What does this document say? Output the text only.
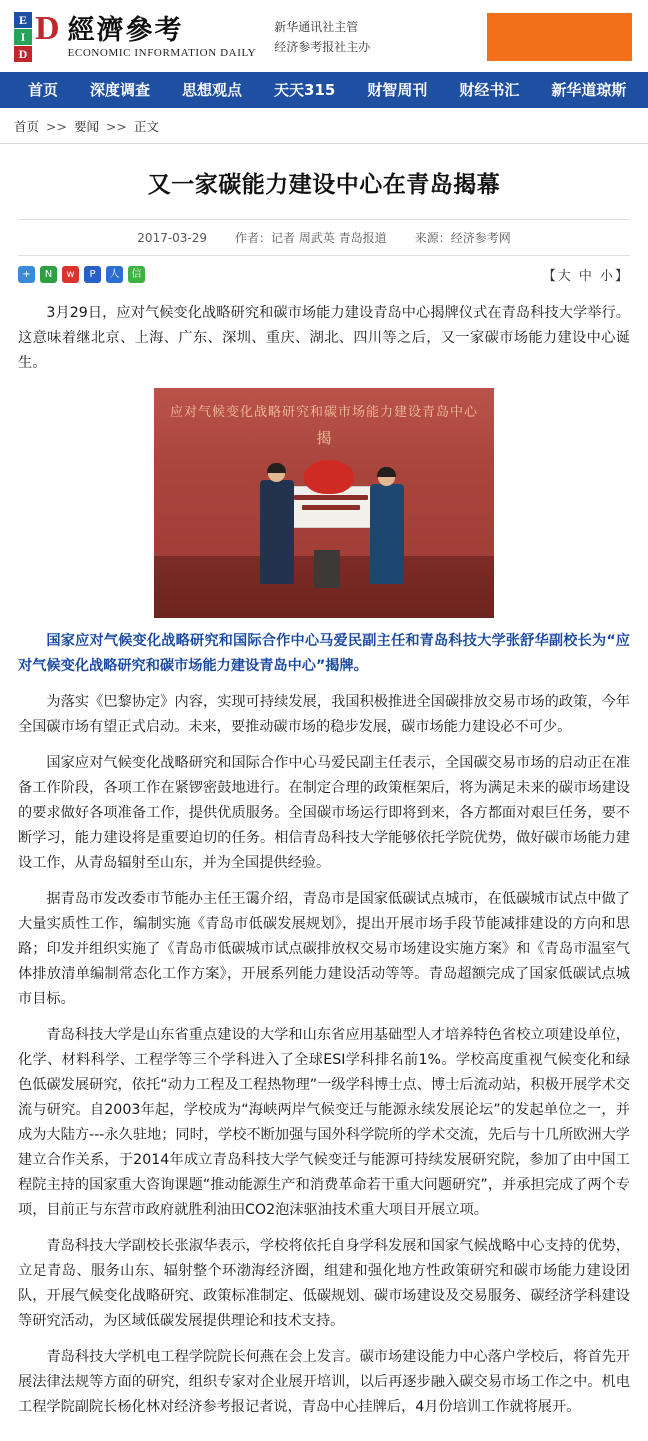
E
I
D
D 經濟參考
ECONOMIC INFORMATION DAILY
新华通讯社主管
经济参考报社主办
首页	深度调查	思想观点	天天315	财智周刊	财经书汇	新华道琼斯
首页 >> 要闻 >> 正文
又一家碳能力建设中心在青岛揭幕
2017-03-29 作者：记者 周武英 青岛报道 来源：经济参考网
+	N	w	P	人	信	【大 中 小】

3月29日，应对气候变化战略研究和碳市场能力建设青岛中心揭牌仪式在青岛科技大学举行。这意味着继北京、上海、广东、深圳、重庆、湖北、四川等之后，又一家碳市场能力建设中心诞生。

应对气候变化战略研究和碳市场能力建设青岛中心
揭

国家应对气候变化战略研究和国际合作中心马爱民副主任和青岛科技大学张舒华副校长为“应对气候变化战略研究和碳市场能力建设青岛中心”揭牌。

为落实《巴黎协定》内容，实现可持续发展，我国积极推进全国碳排放交易市场的政策，今年全国碳市场有望正式启动。未来，要推动碳市场的稳步发展，碳市场能力建设必不可少。

国家应对气候变化战略研究和国际合作中心马爱民副主任表示，全国碳交易市场的启动正在准备工作阶段，各项工作在紧锣密鼓地进行。在制定合理的政策框架后，将为满足未来的碳市场建设的要求做好各项准备工作，提供优质服务。全国碳市场运行即将到来，各方都面对艰巨任务，要不断学习，能力建设将是重要迫切的任务。相信青岛科技大学能够依托学院优势，做好碳市场能力建设工作，从青岛辐射至山东，并为全国提供经验。

据青岛市发改委市节能办主任王霭介绍，青岛市是国家低碳试点城市，在低碳城市试点中做了大量实质性工作，编制实施《青岛市低碳发展规划》，提出开展市场手段节能减排建设的方向和思路；印发并组织实施了《青岛市低碳城市试点碳排放权交易市场建设实施方案》和《青岛市温室气体排放清单编制常态化工作方案》，开展系列能力建设活动等等。青岛超额完成了国家低碳试点城市目标。

青岛科技大学是山东省重点建设的大学和山东省应用基础型人才培养特色省校立项建设单位，化学、材料科学、工程学等三个学科进入了全球ESI学科排名前1%。学校高度重视气候变化和绿色低碳发展研究，依托“动力工程及工程热物理”一级学科博士点、博士后流动站，积极开展学术交流与研究。自2003年起，学校成为“海峡两岸气候变迁与能源永续发展论坛”的发起单位之一，并成为大陆方---永久驻地；同时，学校不断加强与国外科学院所的学术交流，先后与十几所欧洲大学建立合作关系，于2014年成立青岛科技大学气候变迁与能源可持续发展研究院，参加了由中国工程院主持的国家重大咨询课题“推动能源生产和消费革命若干重大问题研究”，并承担完成了两个专项，目前正与东营市政府就胜利油田CO2泡沫驱油技术重大项目开展立项。

青岛科技大学副校长张淑华表示，学校将依托自身学科发展和国家气候战略中心支持的优势，立足青岛、服务山东、辐射整个环渤海经济圈，组建和强化地方性政策研究和碳市场能力建设团队，开展气候变化战略研究、政策标准制定、低碳规划、碳市场建设及交易服务、碳经济学科建设等研究活动，为区域低碳发展提供理论和技术支持。

青岛科技大学机电工程学院院长何燕在会上发言。碳市场建设能力中心落户学校后，将首先开展法律法规等方面的研究，组织专家对企业展开培训，以后再逐步融入碳交易市场工作之中。机电工程学院副院长杨化林对经济参考报记者说，青岛中心挂牌后，4月份培训工作就将展开。
